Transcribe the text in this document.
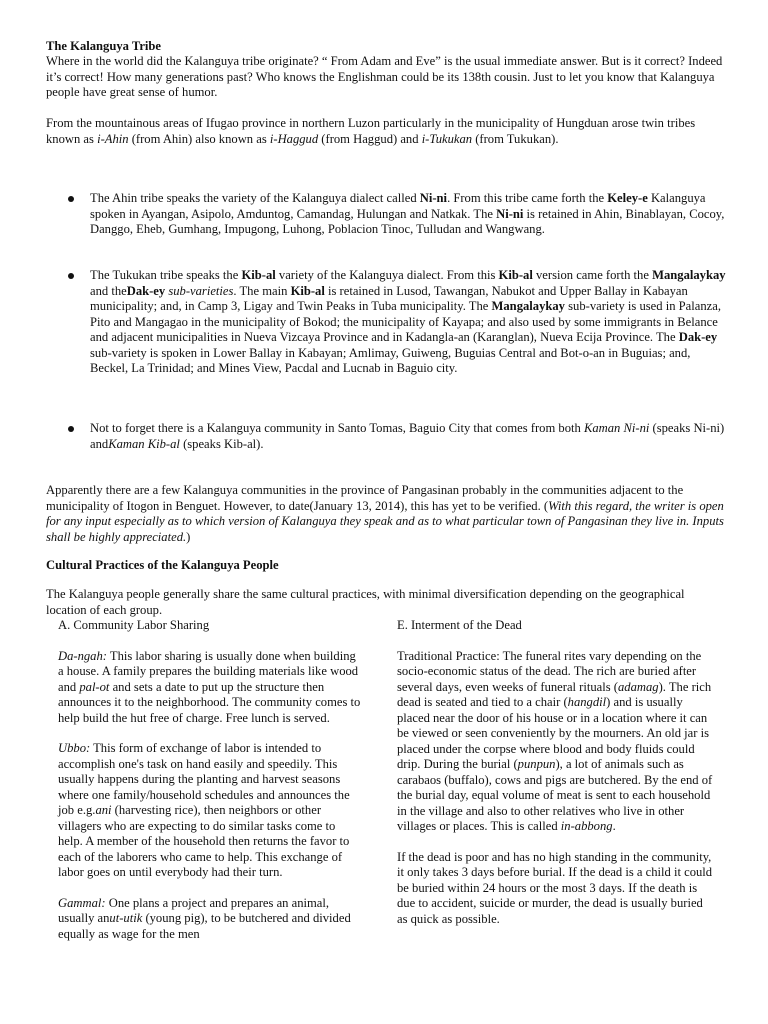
The Kalanguya Tribe

Where in the world did the Kalanguya tribe originate? “ From Adam and Eve” is the usual immediate answer. But is it correct? Indeed it’s correct! How many generations past? Who knows the Englishman could be its 138th cousin. Just to let you know that Kalanguya people have great sense of humor.

From the mountainous areas of Ifugao province in northern Luzon particularly in the municipality of Hungduan arose twin tribes known as i-Ahin (from Ahin) also known as i-Haggud (from Haggud) and i-Tukukan (from Tukukan).

The Ahin tribe speaks the variety of the Kalanguya dialect called Ni-ni. From this tribe came forth the Keley-e Kalanguya spoken in Ayangan, Asipolo, Amduntog, Camandag, Hulungan and Natkak. The Ni-ni is retained in Ahin, Binablayan, Cocoy, Danggo, Eheb, Gumhang, Impugong, Luhong, Poblacion Tinoc, Tulludan and Wangwang.

The Tukukan tribe speaks the Kib-al variety of the Kalanguya dialect. From this Kib-al version came forth the Mangalaykay and theDak-ey sub-varieties. The main Kib-al is retained in Lusod, Tawangan, Nabukot and Upper Ballay in Kabayan municipality; and, in Camp 3, Ligay and Twin Peaks in Tuba municipality. The Mangalaykay sub-variety is used in Palanza, Pito and Mangagao in the municipality of Bokod; the municipality of Kayapa; and also used by some immigrants in Belance and adjacent municipalities in Nueva Vizcaya Province and in Kadangla-an (Karanglan), Nueva Ecija Province. The Dak-ey sub-variety is spoken in Lower Ballay in Kabayan; Amlimay, Guiweng, Buguias Central and Bot-o-an in Buguias; and, Beckel, La Trinidad; and Mines View, Pacdal and Lucnab in Baguio city.

Not to forget there is a Kalanguya community in Santo Tomas, Baguio City that comes from both Kaman Ni-ni (speaks Ni-ni) andKaman Kib-al (speaks Kib-al).

Apparently there are a few Kalanguya communities in the province of Pangasinan probably in the communities adjacent to the municipality of Itogon in Benguet. However, to date(January 13, 2014), this has yet to be verified. (With this regard, the writer is open for any input especially as to which version of Kalanguya they speak and as to what particular town of Pangasinan they live in. Inputs shall be highly appreciated.)

Cultural Practices of the Kalanguya People

The Kalanguya people generally share the same cultural practices, with minimal diversification depending on the geographical location of each group.

A. Community Labor Sharing

Da-ngah: This labor sharing is usually done when building a house. A family prepares the building materials like wood and pal-ot and sets a date to put up the structure then announces it to the neighborhood. The community comes to help build the hut free of charge. Free lunch is served.

Ubbo: This form of exchange of labor is intended to accomplish one's task on hand easily and speedily. This usually happens during the planting and harvest seasons where one family/household schedules and announces the job e.g.ani (harvesting rice), then neighbors or other villagers who are expecting to do similar tasks come to help. A member of the household then returns the favor to each of the laborers who came to help. This exchange of labor goes on until everybody had their turn.

Gammal: One plans a project and prepares an animal, usually anut-utik (young pig), to be butchered and divided equally as wage for the men

E. Interment of the Dead

Traditional Practice: The funeral rites vary depending on the socio-economic status of the dead. The rich are buried after several days, even weeks of funeral rituals (adamag). The rich dead is seated and tied to a chair (hangdil) and is usually placed near the door of his house or in a location where it can be viewed or seen conveniently by the mourners. An old jar is placed under the corpse where blood and body fluids could drip. During the burial (punpun), a lot of animals such as carabaos (buffalo), cows and pigs are butchered. By the end of the burial day, equal volume of meat is sent to each household in the village and also to other relatives who live in other villages or places. This is called in-abbong.

If the dead is poor and has no high standing in the community, it only takes 3 days before burial. If the dead is a child it could be buried within 24 hours or the most 3 days. If the death is due to accident, suicide or murder, the dead is usually buried as quick as possible.
